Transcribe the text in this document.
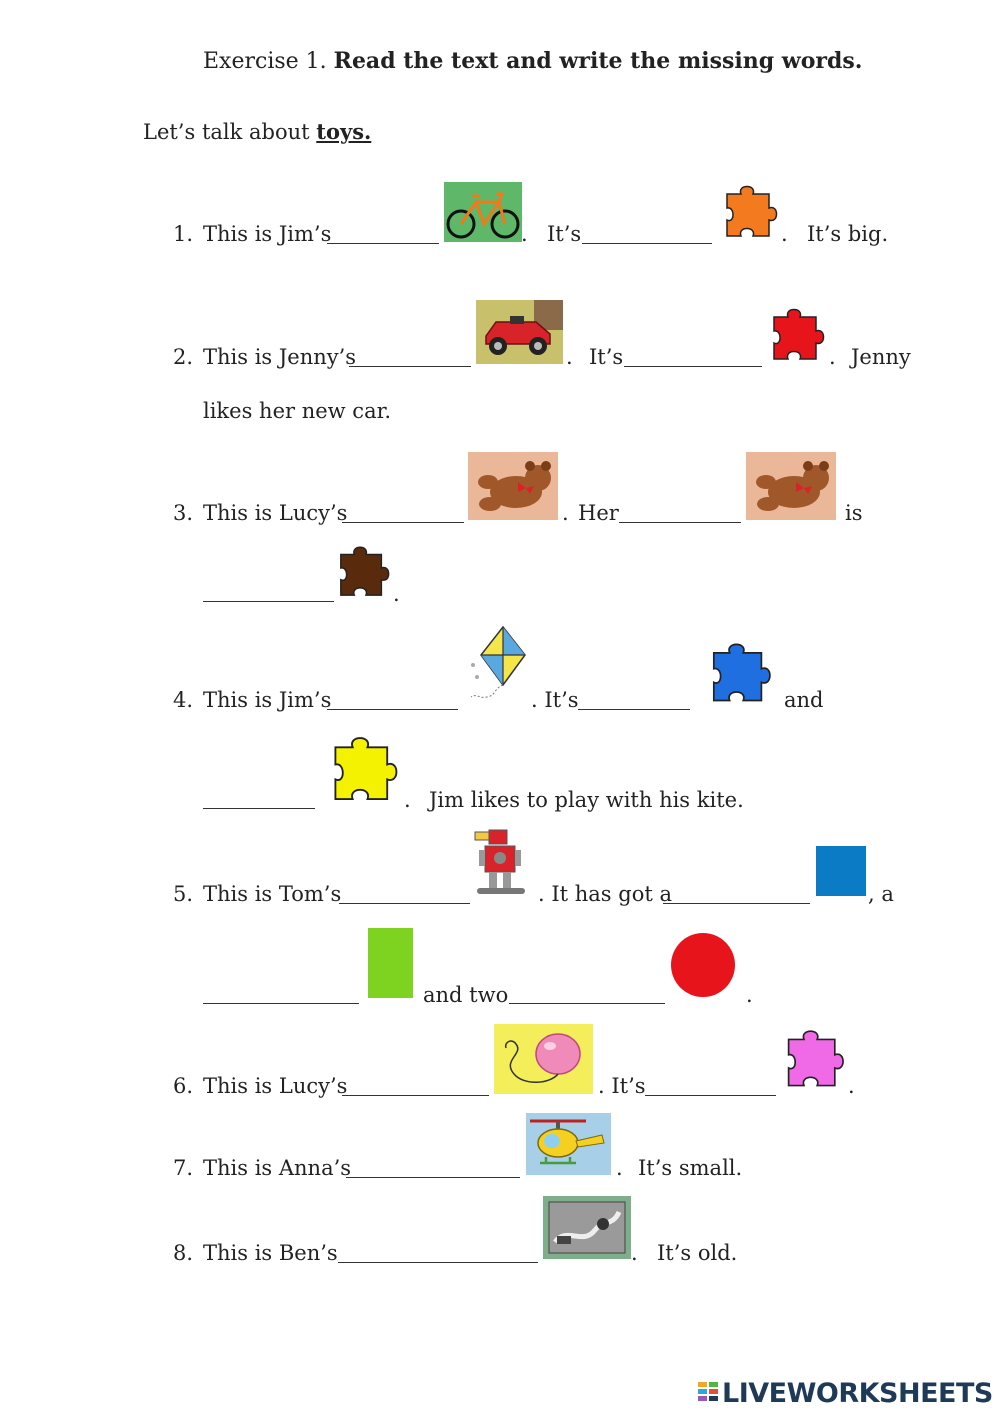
Exercise 1. Read the text and write the missing words.
Let’s talk about toys.
1. This is Jim’s	. It’s	. It’s big.
2. This is Jenny’s	. It’s	. Jenny
likes her new car.
3. This is Lucy’s	. Her	is
.
4. This is Jim’s	. It’s	and
. Jim likes to play with his kite.
5. This is Tom’s	. It has got a	, a
and two	.
6. This is Lucy’s	. It’s	.
7. This is Anna’s	. It’s small.
8. This is Ben’s	. It’s old.
LIVEWORKSHEETS
